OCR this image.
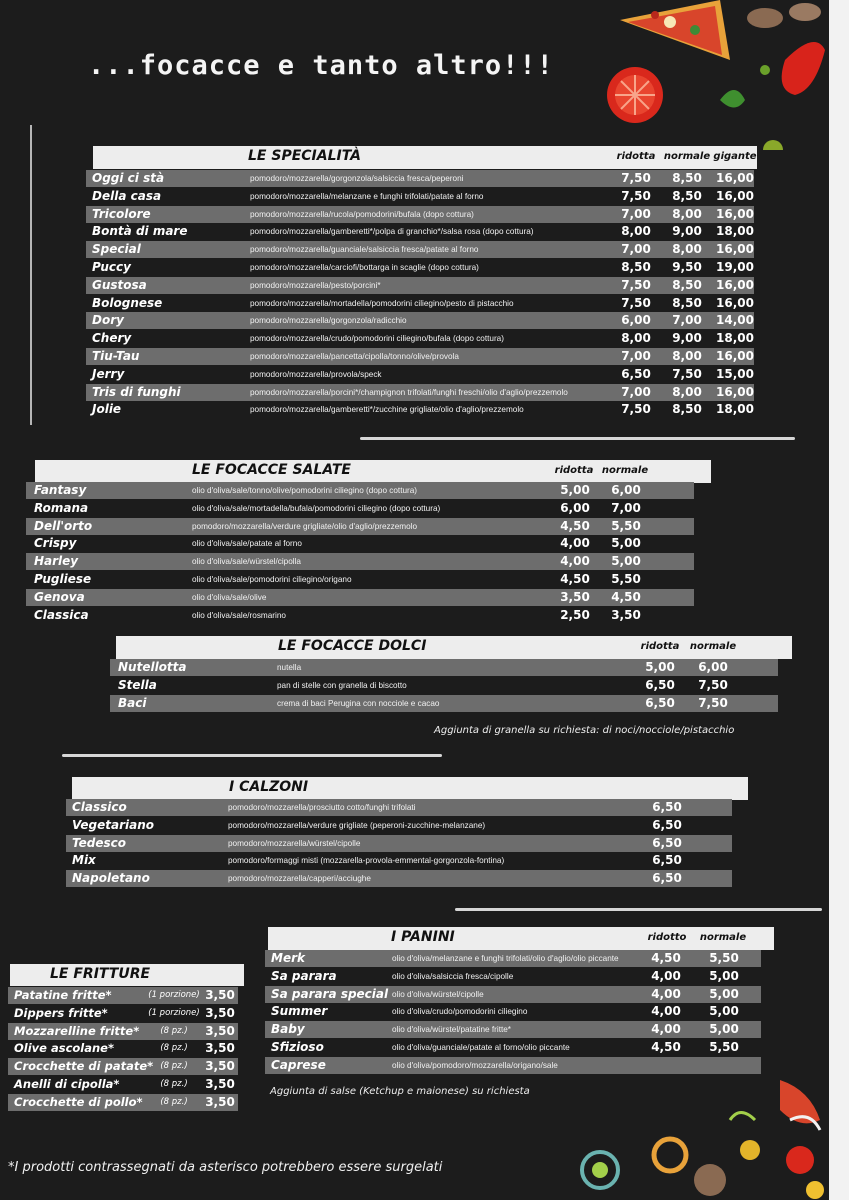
...focacce e tanto altro!!!
LE SPECIALITÀ	ridotta normale gigante
Oggi ci stà	pomodoro/mozzarella/gorgonzola/salsiccia fresca/peperoni	7,50	8,50	16,00
Della casa	pomodoro/mozzarella/melanzane e funghi trifolati/patate al forno	7,50	8,50	16,00
Tricolore	pomodoro/mozzarella/rucola/pomodorini/bufala (dopo cottura)	7,00	8,00	16,00
Bontà di mare	pomodoro/mozzarella/gamberetti*/polpa di granchio*/salsa rosa (dopo cottura)	8,00	9,00	18,00
Special	pomodoro/mozzarella/guanciale/salsiccia fresca/patate al forno	7,00	8,00	16,00
Puccy	pomodoro/mozzarella/carciofi/bottarga in scaglie (dopo cottura)	8,50	9,50	19,00
Gustosa	pomodoro/mozzarella/pesto/porcini*	7,50	8,50	16,00
Bolognese	pomodoro/mozzarella/mortadella/pomodorini ciliegino/pesto di pistacchio	7,50	8,50	16,00
Dory	pomodoro/mozzarella/gorgonzola/radicchio	6,00	7,00	14,00
Chery	pomodoro/mozzarella/crudo/pomodorini ciliegino/bufala (dopo cottura)	8,00	9,00	18,00
Tiu-Tau	pomodoro/mozzarella/pancetta/cipolla/tonno/olive/provola	7,00	8,00	16,00
Jerry	pomodoro/mozzarella/provola/speck	6,50	7,50	15,00
Tris di funghi	pomodoro/mozzarella/porcini*/champignon trifolati/funghi freschi/olio d'aglio/prezzemolo	7,00	8,00	16,00
Jolie	pomodoro/mozzarella/gamberetti*/zucchine grigliate/olio d'aglio/prezzemolo	7,50	8,50	18,00
LE FOCACCE SALATE	ridotta normale
Fantasy	olio d'oliva/sale/tonno/olive/pomodorini ciliegino (dopo cottura)	5,00	6,00
Romana	olio d'oliva/sale/mortadella/bufala/pomodorini ciliegino (dopo cottura)	6,00	7,00
Dell'orto	pomodoro/mozzarella/verdure grigliate/olio d'aglio/prezzemolo	4,50	5,50
Crispy	olio d'oliva/sale/patate al forno	4,00	5,00
Harley	olio d'oliva/sale/würstel/cipolla	4,00	5,00
Pugliese	olio d'oliva/sale/pomodorini ciliegino/origano	4,50	5,50
Genova	olio d'oliva/sale/olive	3,50	4,50
Classica	olio d'oliva/sale/rosmarino	2,50	3,50
LE FOCACCE DOLCI	ridotta	normale
Aggiunta di granella su richiesta: di noci/nocciole/pistacchio
Nutellotta	nutella	5,00	6,00
Stella	pan di stelle con granella di biscotto	6,50	7,50
Baci	crema di baci Perugina con nocciole e cacao	6,50	7,50
I CALZONI
Classico	pomodoro/mozzarella/prosciutto cotto/funghi trifolati	6,50
Vegetariano	pomodoro/mozzarella/verdure grigliate (peperoni-zucchine-melanzane)	6,50
Tedesco	pomodoro/mozzarella/würstel/cipolle	6,50
Mix	pomodoro/formaggi misti (mozzarella-provola-emmental-gorgonzola-fontina)	6,50
Napoletano	pomodoro/mozzarella/capperi/acciughe	6,50
I PANINI	ridotto	normale
Aggiunta di salse (Ketchup e maionese) su richiesta
Merk	olio d'oliva/melanzane e funghi trifolati/olio d'aglio/olio piccante	4,50	5,50
Sa parara	olio d'oliva/salsiccia fresca/cipolle	4,00	5,00
Sa parara special olio d'oliva/würstel/cipolle	4,00	5,00
Summer	olio d'oliva/crudo/pomodorini ciliegino	4,00	5,00
Baby	olio d'oliva/würstel/patatine fritte*	4,00	5,00
Sfizioso	olio d'oliva/guanciale/patate al forno/olio piccante	4,50	5,50
Caprese	olio d'oliva/pomodoro/mozzarella/origano/sale
LE FRITTURE
Patatine fritte*	(1 porzione) 3,50
Dippers fritte*	(1 porzione) 3,50
Mozzarelline fritte*	(8 pz.)	3,50
Olive ascolane*	(8 pz.)	3,50
Crocchette di patate* (8 pz.)	3,50
Anelli di cipolla*	(8 pz.)	3,50
Crocchette di pollo*	(8 pz.)	3,50
*I prodotti contrassegnati da asterisco potrebbero essere surgelati
